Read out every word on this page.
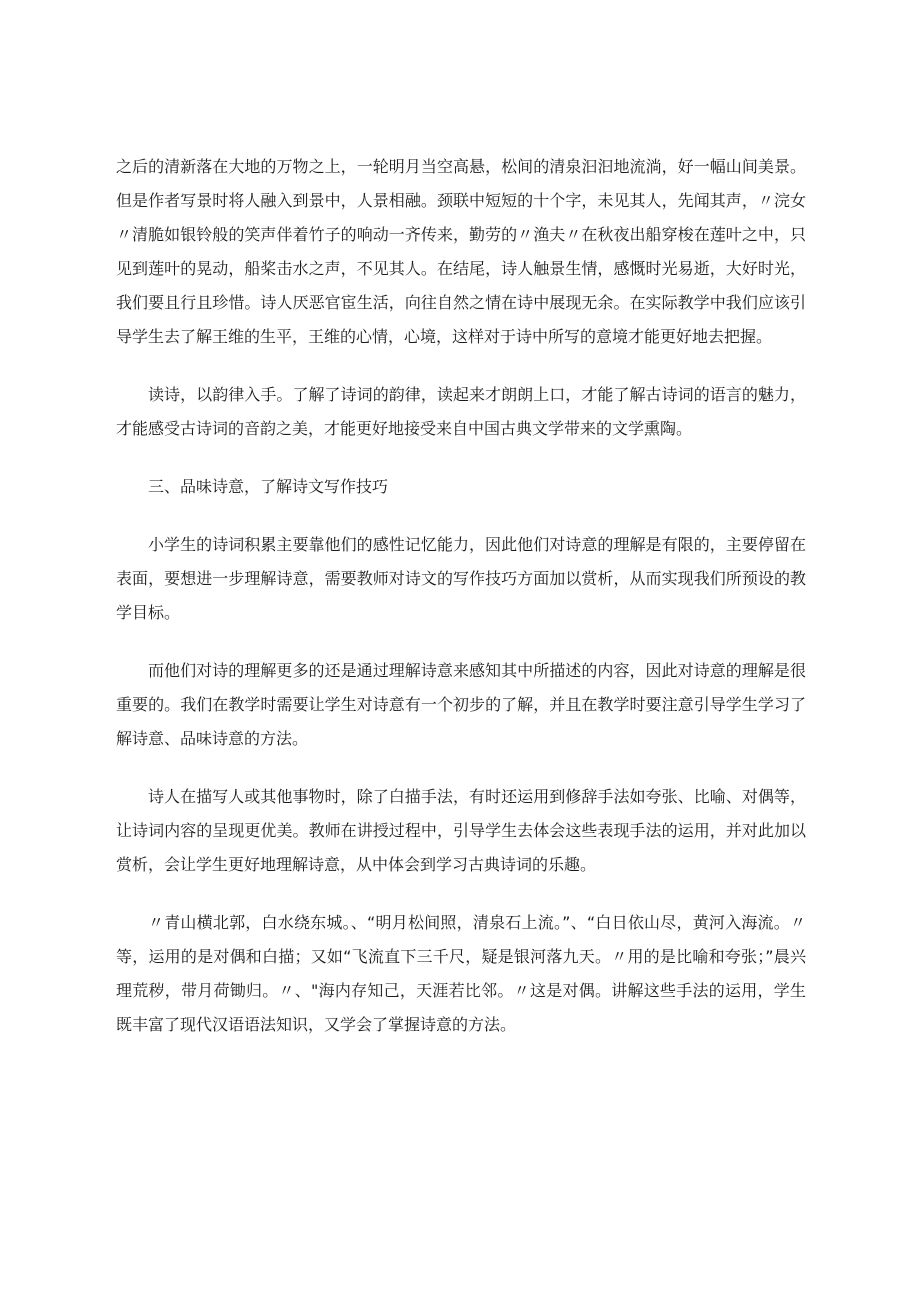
之后的清新落在大地的万物之上，一轮明月当空高悬，松间的清泉汩汩地流淌，好一幅山间美景。但是作者写景时将人融入到景中，人景相融。颈联中短短的十个字，未见其人，先闻其声，〃浣女〃清脆如银铃般的笑声伴着竹子的响动一齐传来，勤劳的〃渔夫〃在秋夜出船穿梭在莲叶之中，只见到莲叶的晃动，船桨击水之声，不见其人。在结尾，诗人触景生情，感慨时光易逝，大好时光，我们要且行且珍惜。诗人厌恶官宦生活，向往自然之情在诗中展现无余。在实际教学中我们应该引导学生去了解王维的生平，王维的心情，心境，这样对于诗中所写的意境才能更好地去把握。

读诗，以韵律入手。了解了诗词的韵律，读起来才朗朗上口，才能了解古诗词的语言的魅力，才能感受古诗词的音韵之美，才能更好地接受来自中国古典文学带来的文学熏陶。

三、品味诗意，了解诗文写作技巧

小学生的诗词积累主要靠他们的感性记忆能力，因此他们对诗意的理解是有限的，主要停留在表面，要想进一步理解诗意，需要教师对诗文的写作技巧方面加以赏析，从而实现我们所预设的教学目标。

而他们对诗的理解更多的还是通过理解诗意来感知其中所描述的内容，因此对诗意的理解是很重要的。我们在教学时需要让学生对诗意有一个初步的了解，并且在教学时要注意引导学生学习了解诗意、品味诗意的方法。

诗人在描写人或其他事物时，除了白描手法，有时还运用到修辞手法如夸张、比喻、对偶等，让诗词内容的呈现更优美。教师在讲授过程中，引导学生去体会这些表现手法的运用，并对此加以赏析，会让学生更好地理解诗意，从中体会到学习古典诗词的乐趣。

〃青山横北郭，白水绕东城。、“明月松间照，清泉石上流。”、“白日依山尽，黄河入海流。〃等，运用的是对偶和白描；又如“飞流直下三千尺，疑是银河落九天。〃用的是比喻和夸张；”晨兴理荒秽，带月荷锄归。〃、"海内存知己，天涯若比邻。〃这是对偶。讲解这些手法的运用，学生既丰富了现代汉语语法知识，又学会了掌握诗意的方法。
